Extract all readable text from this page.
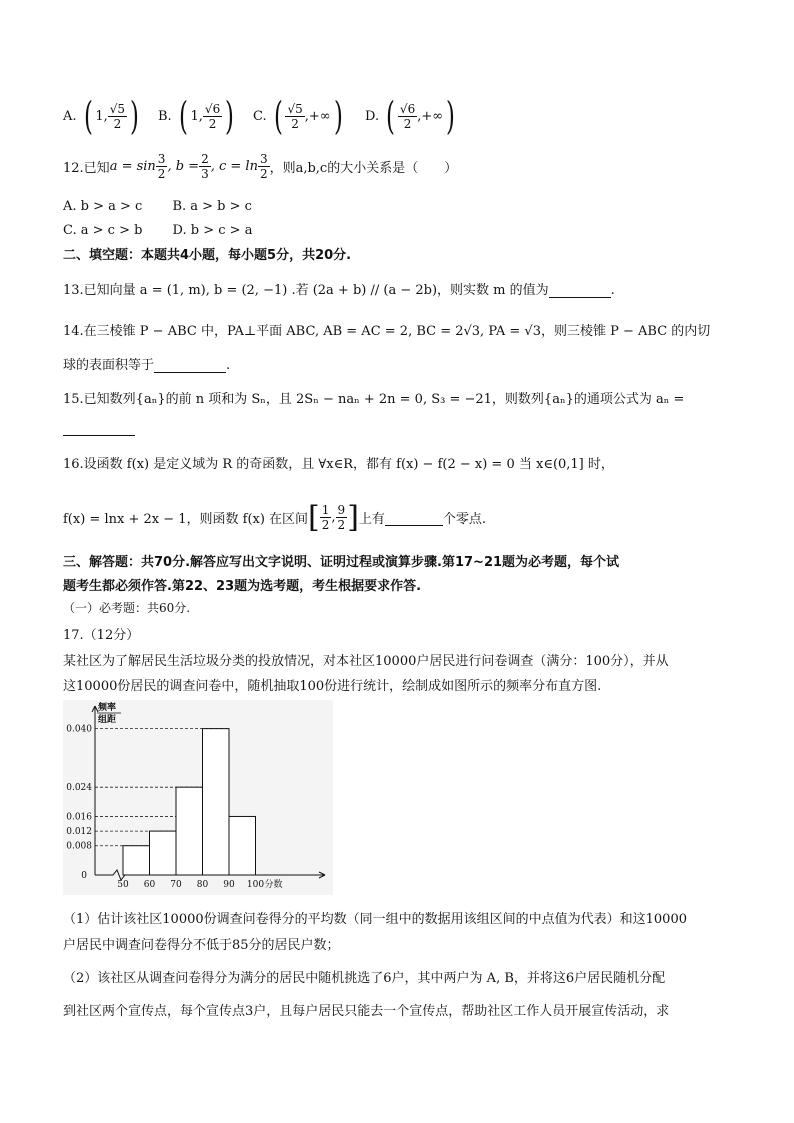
A. ( 1, $\frac{√5}{2}$ ) B. ( 1, $\frac{√6}{2}$ ) C. ( $\frac{√5}{2}$ ,+∞ ) D. ( $\frac{√6}{2}$ ,+∞ )
12.已知 $a = \sin \frac{3}{2}$ , $b = \frac{2}{3}$ , $c = \ln \frac{3}{2}$ ，则a,b,c的大小关系是（　　）
A. b > a > c　　 B. a > b > c
C. a > c > b　　 D. b > c > a
二、填空题：本题共4小题，每小题5分，共20分.
13.已知向量 a = (1, m), b = (2, −1) .若 (2a + b) // (a − 2b)，则实数 m 的值为	.
14.在三棱锥 P − ABC 中，PA⊥平面 ABC, AB = AC = 2, BC = 2√3, PA = √3，则三棱锥 P − ABC 的内切
球的表面积等于	.
15.已知数列{aₙ}的前 n 项和为 Sₙ，且 2Sₙ − naₙ + 2n = 0, S₃ = −21，则数列{aₙ}的通项公式为 aₙ =

16.设函数 f(x) 是定义域为 R 的奇函数，且 ∀x∈R，都有 f(x) − f(2 − x) = 0 当 x∈(0,1] 时，
f(x) = lnx + 2x − 1，则函数 f(x) 在区间 [ $\frac{1}{2}$ , $\frac{9}{2}$ ] 上有	个零点.
三、解答题：共70分.解答应写出文字说明、证明过程或演算步骤.第17~21题为必考题，每个试
题考生都必须作答.第22、23题为选考题，考生根据要求作答.
（一）必考题：共60分.
17.（12分）
某社区为了解居民生活垃圾分类的投放情况，对本社区10000户居民进行问卷调查（满分：100分），并从
这10000份居民的调查问卷中，随机抽取100份进行统计，绘制成如图所示的频率分布直方图.
0.040
0.024
0.016
0.012
0.008
0
50 60 70 80 90 100 分数
频率
组距
（1）估计该社区10000份调查问卷得分的平均数（同一组中的数据用该组区间的中点值为代表）和这10000
户居民中调查问卷得分不低于85分的居民户数；
（2）该社区从调查问卷得分为满分的居民中随机挑选了6户，其中两户为 A, B，并将这6户居民随机分配
到社区两个宣传点，每个宣传点3户，且每户居民只能去一个宣传点，帮助社区工作人员开展宣传活动，求
